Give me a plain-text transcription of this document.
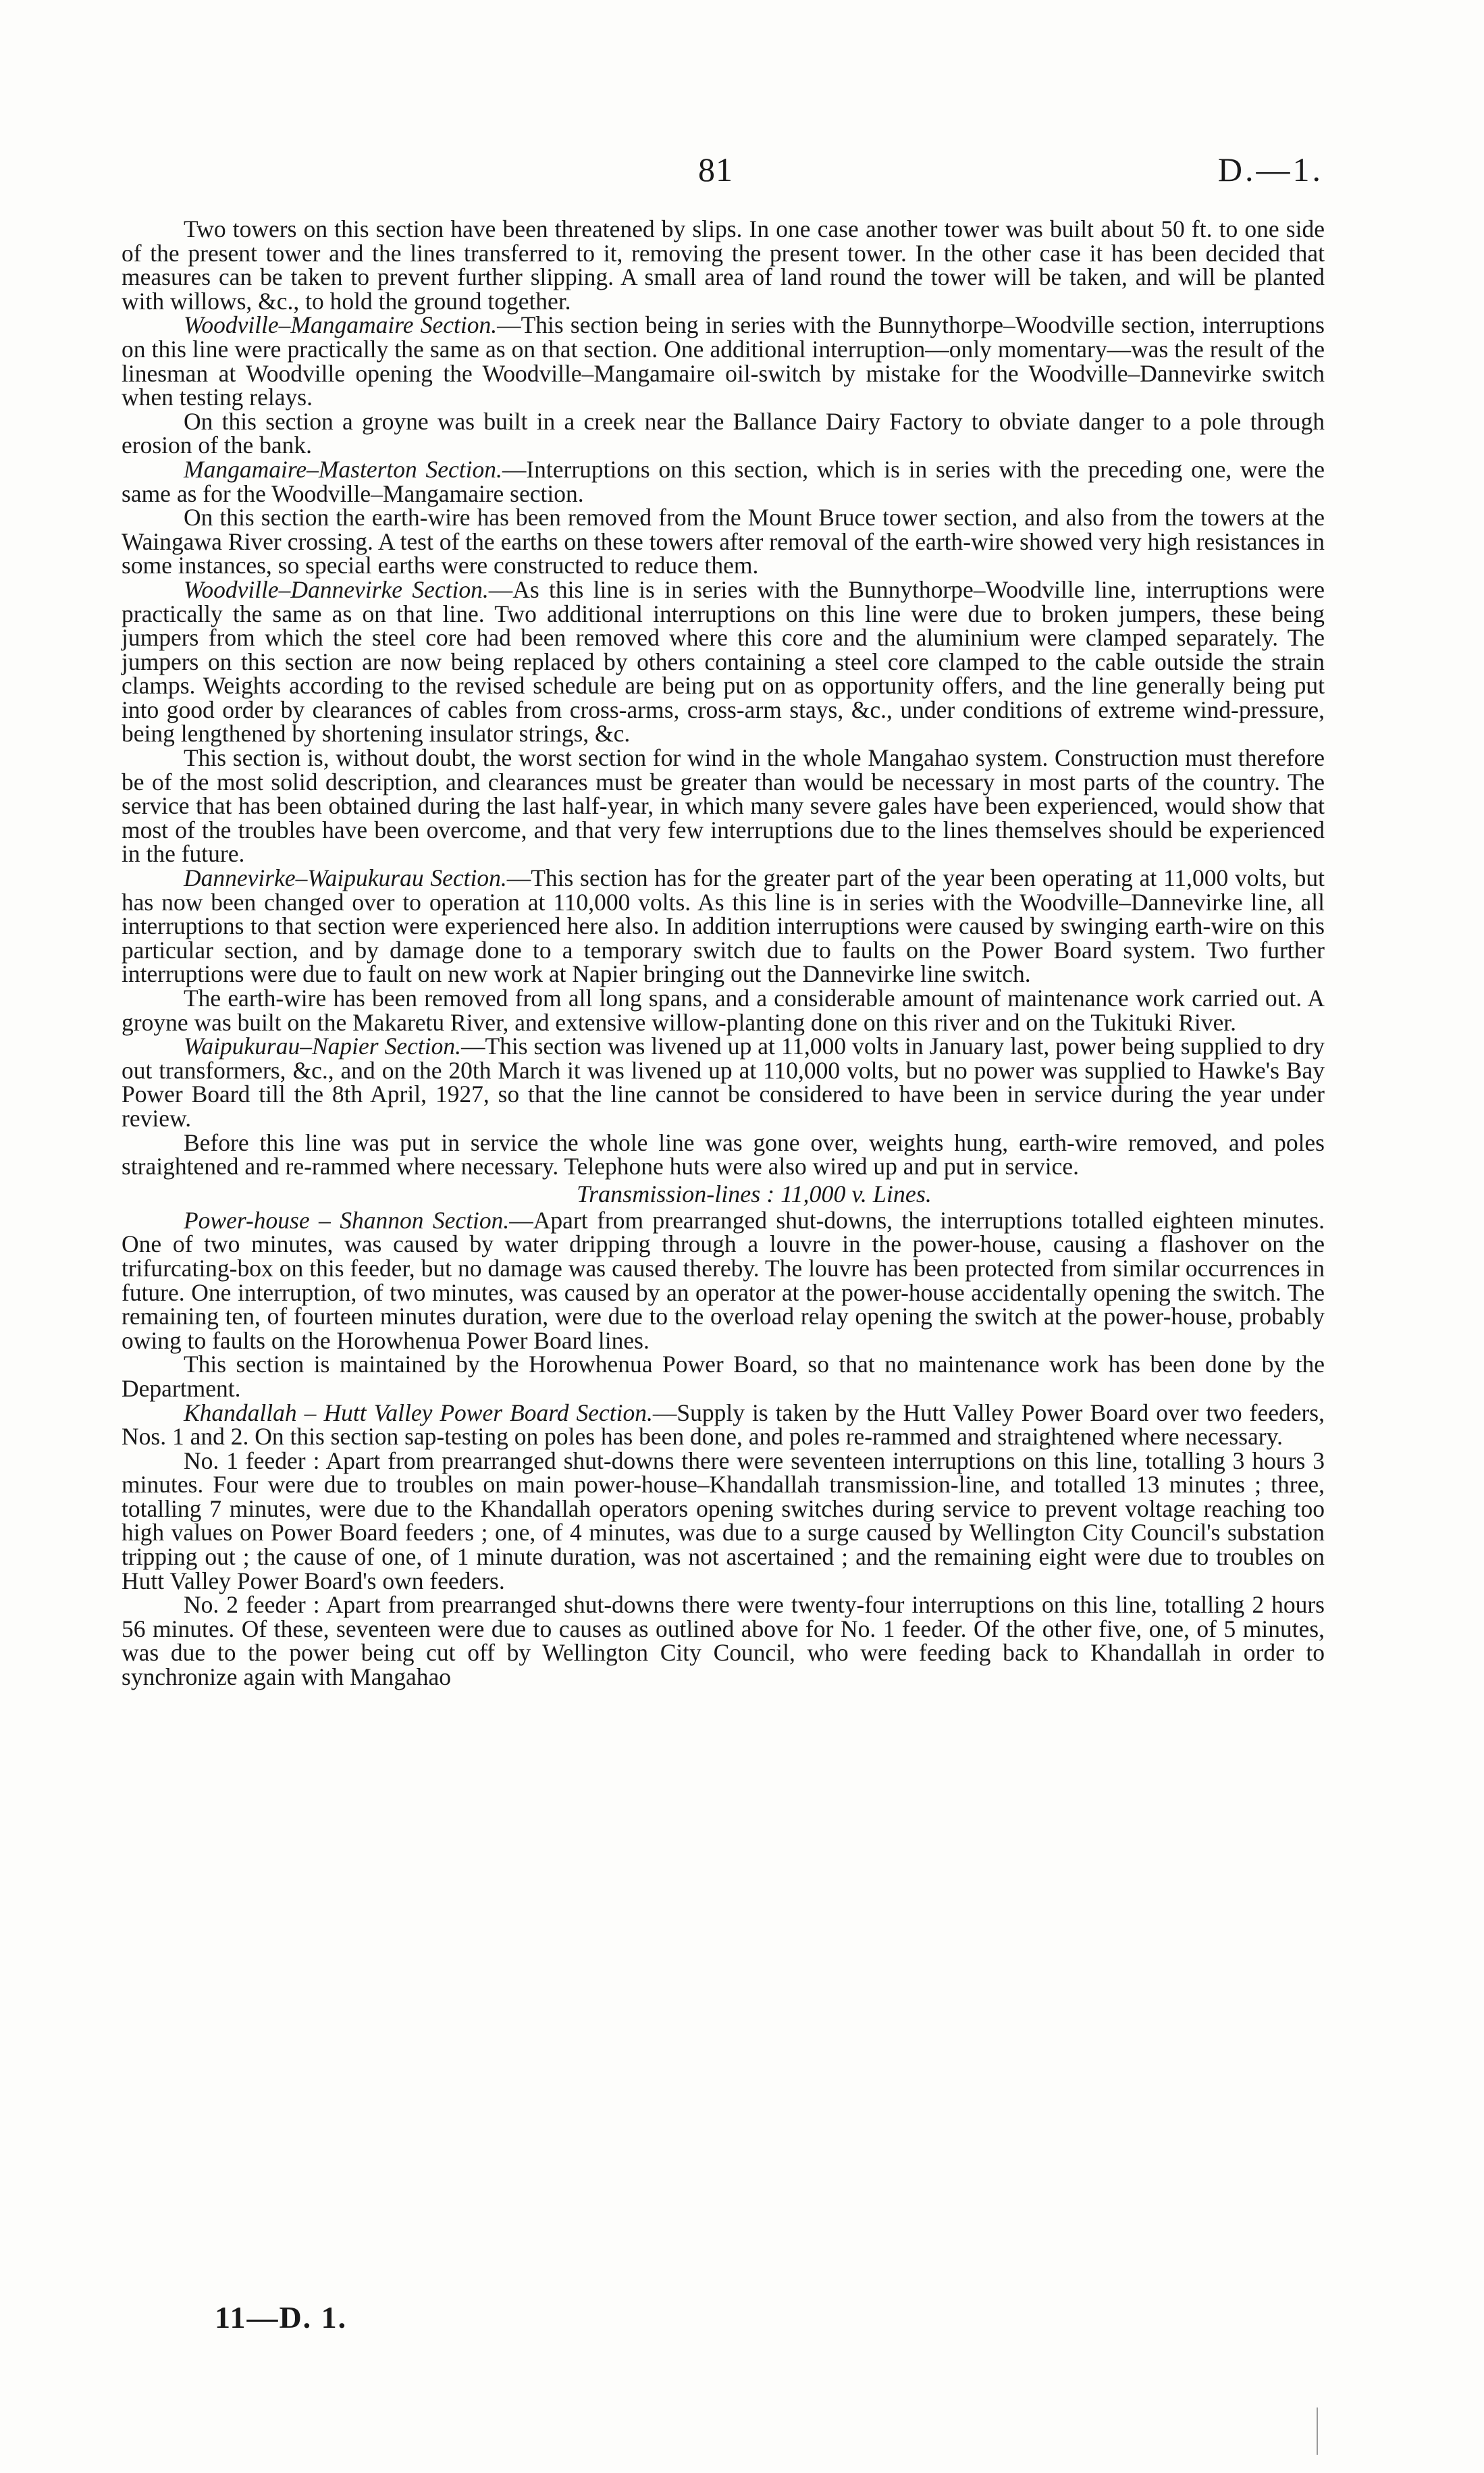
81	D.—1.

Two towers on this section have been threatened by slips. In one case another tower was built about 50 ft. to one side of the present tower and the lines transferred to it, removing the present tower. In the other case it has been decided that measures can be taken to prevent further slipping. A small area of land round the tower will be taken, and will be planted with willows, &c., to hold the ground together.

Woodville–Mangamaire Section.—This section being in series with the Bunnythorpe–Woodville section, interruptions on this line were practically the same as on that section. One additional interruption—only momentary—was the result of the linesman at Woodville opening the Woodville–Mangamaire oil-switch by mistake for the Woodville–Dannevirke switch when testing relays.

On this section a groyne was built in a creek near the Ballance Dairy Factory to obviate danger to a pole through erosion of the bank.

Mangamaire–Masterton Section.—Interruptions on this section, which is in series with the preceding one, were the same as for the Woodville–Mangamaire section.

On this section the earth-wire has been removed from the Mount Bruce tower section, and also from the towers at the Waingawa River crossing. A test of the earths on these towers after removal of the earth-wire showed very high resistances in some instances, so special earths were constructed to reduce them.

Woodville–Dannevirke Section.—As this line is in series with the Bunnythorpe–Woodville line, interruptions were practically the same as on that line. Two additional interruptions on this line were due to broken jumpers, these being jumpers from which the steel core had been removed where this core and the aluminium were clamped separately. The jumpers on this section are now being replaced by others containing a steel core clamped to the cable outside the strain clamps. Weights according to the revised schedule are being put on as opportunity offers, and the line generally being put into good order by clearances of cables from cross-arms, cross-arm stays, &c., under conditions of extreme wind-pressure, being lengthened by shortening insulator strings, &c.

This section is, without doubt, the worst section for wind in the whole Mangahao system. Construction must therefore be of the most solid description, and clearances must be greater than would be necessary in most parts of the country. The service that has been obtained during the last half-year, in which many severe gales have been experienced, would show that most of the troubles have been overcome, and that very few interruptions due to the lines themselves should be experienced in the future.

Dannevirke–Waipukurau Section.—This section has for the greater part of the year been operating at 11,000 volts, but has now been changed over to operation at 110,000 volts. As this line is in series with the Woodville–Dannevirke line, all interruptions to that section were experienced here also. In addition interruptions were caused by swinging earth-wire on this particular section, and by damage done to a temporary switch due to faults on the Power Board system. Two further interruptions were due to fault on new work at Napier bringing out the Dannevirke line switch.

The earth-wire has been removed from all long spans, and a considerable amount of maintenance work carried out. A groyne was built on the Makaretu River, and extensive willow-planting done on this river and on the Tukituki River.

Waipukurau–Napier Section.—This section was livened up at 11,000 volts in January last, power being supplied to dry out transformers, &c., and on the 20th March it was livened up at 110,000 volts, but no power was supplied to Hawke's Bay Power Board till the 8th April, 1927, so that the line cannot be considered to have been in service during the year under review.

Before this line was put in service the whole line was gone over, weights hung, earth-wire removed, and poles straightened and re-rammed where necessary. Telephone huts were also wired up and put in service.

Transmission-lines : 11,000 v. Lines.

Power-house – Shannon Section.—Apart from prearranged shut-downs, the interruptions totalled eighteen minutes. One of two minutes, was caused by water dripping through a louvre in the power-house, causing a flashover on the trifurcating-box on this feeder, but no damage was caused thereby. The louvre has been protected from similar occurrences in future. One interruption, of two minutes, was caused by an operator at the power-house accidentally opening the switch. The remaining ten, of fourteen minutes duration, were due to the overload relay opening the switch at the power-house, probably owing to faults on the Horowhenua Power Board lines.

This section is maintained by the Horowhenua Power Board, so that no maintenance work has been done by the Department.

Khandallah – Hutt Valley Power Board Section.—Supply is taken by the Hutt Valley Power Board over two feeders, Nos. 1 and 2. On this section sap-testing on poles has been done, and poles re-rammed and straightened where necessary.

No. 1 feeder : Apart from prearranged shut-downs there were seventeen interruptions on this line, totalling 3 hours 3 minutes. Four were due to troubles on main power-house–Khandallah transmission-line, and totalled 13 minutes ; three, totalling 7 minutes, were due to the Khandallah operators opening switches during service to prevent voltage reaching too high values on Power Board feeders ; one, of 4 minutes, was due to a surge caused by Wellington City Council's substation tripping out ; the cause of one, of 1 minute duration, was not ascertained ; and the remaining eight were due to troubles on Hutt Valley Power Board's own feeders.

No. 2 feeder : Apart from prearranged shut-downs there were twenty-four interruptions on this line, totalling 2 hours 56 minutes. Of these, seventeen were due to causes as outlined above for No. 1 feeder. Of the other five, one, of 5 minutes, was due to the power being cut off by Wellington City Council, who were feeding back to Khandallah in order to synchronize again with Mangahao

11—D. 1.
